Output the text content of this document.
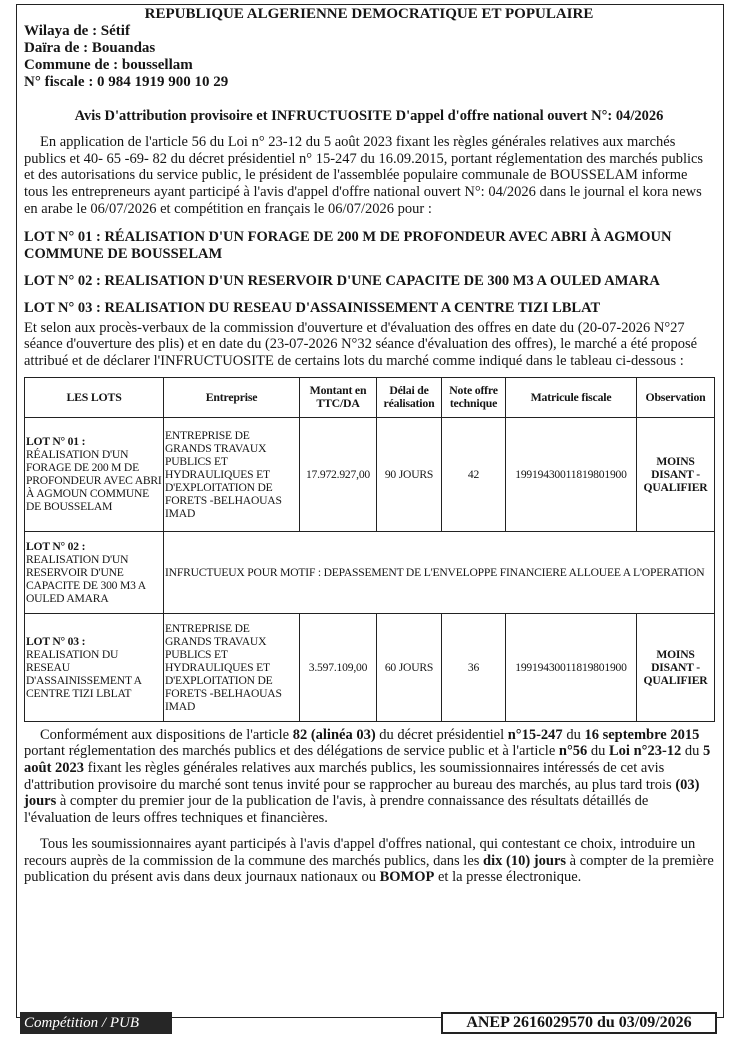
REPUBLIQUE ALGERIENNE DEMOCRATIQUE ET POPULAIRE
Wilaya de : Sétif
Daïra de : Bouandas
Commune de : boussellam
N° fiscale : 0 984 1919 900 10 29
Avis D'attribution provisoire et INFRUCTUOSITE D'appel d'offre national ouvert N°: 04/2026
En application de l'article 56 du Loi n° 23-12 du 5 août 2023 fixant les règles générales relatives aux marchés publics et 40- 65 -69- 82 du décret présidentiel n° 15-247 du 16.09.2015, portant réglementation des marchés publics et des autorisations du service public, le président de l'assemblée populaire communale de BOUSSELAM informe tous les entrepreneurs ayant participé à l'avis d'appel d'offre national ouvert N°: 04/2026 dans le journal el kora news en arabe le 06/07/2026 et compétition en français le 06/07/2026 pour :
LOT N° 01 : RÉALISATION D'UN FORAGE DE 200 M DE PROFONDEUR AVEC ABRI À AGMOUN COMMUNE DE BOUSSELAM
LOT N° 02 : REALISATION D'UN RESERVOIR D'UNE CAPACITE DE 300 M3 A OULED AMARA
LOT N° 03 : REALISATION DU RESEAU D'ASSAINISSEMENT A CENTRE TIZI LBLAT
Et selon aux procès-verbaux de la commission d'ouverture et d'évaluation des offres en date du (20-07-2026 N°27 séance d'ouverture des plis) et en date du (23-07-2026 N°32 séance d'évaluation des offres), le marché a été proposé attribué et de déclarer l'INFRUCTUOSITE de certains lots du marché comme indiqué dans le tableau ci-dessous :
LES LOTS	Entreprise	Montant en TTC/DA	Délai de réalisation	Note offre technique	Matricule fiscale	Observation
LOT N° 01 :
RÉALISATION D'UN FORAGE DE 200 M DE PROFONDEUR AVEC ABRI À AGMOUN COMMUNE DE BOUSSELAM	ENTREPRISE DE GRANDS TRAVAUX PUBLICS ET HYDRAULIQUES ET D'EXPLOITATION DE FORETS -BELHAOUAS IMAD	17.972.927,00	90 JOURS	42	199194300118198019​00	MOINS DISANT -QUALIFIER
LOT N° 02 :
REALISATION D'UN RESERVOIR D'UNE CAPACITE DE 300 M3 A OULED AMARA	INFRUCTUEUX POUR MOTIF : DEPASSEMENT DE L'ENVELOPPE FINANCIERE ALLOUEE A L'OPERATION					
LOT N° 03 :
REALISATION DU RESEAU D'ASSAINISSEMENT A CENTRE TIZI LBLAT	ENTREPRISE DE GRANDS TRAVAUX PUBLICS ET HYDRAULIQUES ET D'EXPLOITATION DE FORETS -BELHAOUAS IMAD	3.597.109,00	60 JOURS	36	19919430011819801900	MOINS DISANT - QUALIFIER
Conformément aux dispositions de l'article 82 (alinéa 03) du décret présidentiel n°15-247 du 16 septembre 2015 portant réglementation des marchés publics et des délégations de service public et à l'article n°56 du Loi n°23-12 du 5 août 2023 fixant les règles générales relatives aux marchés publics, les soumissionnaires intéressés de cet avis d'attribution provisoire du marché sont tenus invité pour se rapprocher au bureau des marchés, au plus tard trois (03) jours à compter du premier jour de la publication de l'avis, à prendre connaissance des résultats détaillés de l'évaluation de leurs offres techniques et financières.
Tous les soumissionnaires ayant participés à l'avis d'appel d'offres national, qui contestant ce choix, introduire un recours auprès de la commission de la commune des marchés publics, dans les dix (10) jours à compter de la première publication du présent avis dans deux journaux nationaux ou BOMOP et la presse électronique.
Compétition / PUB	ANEP 2616029570 du 03/09/2026
